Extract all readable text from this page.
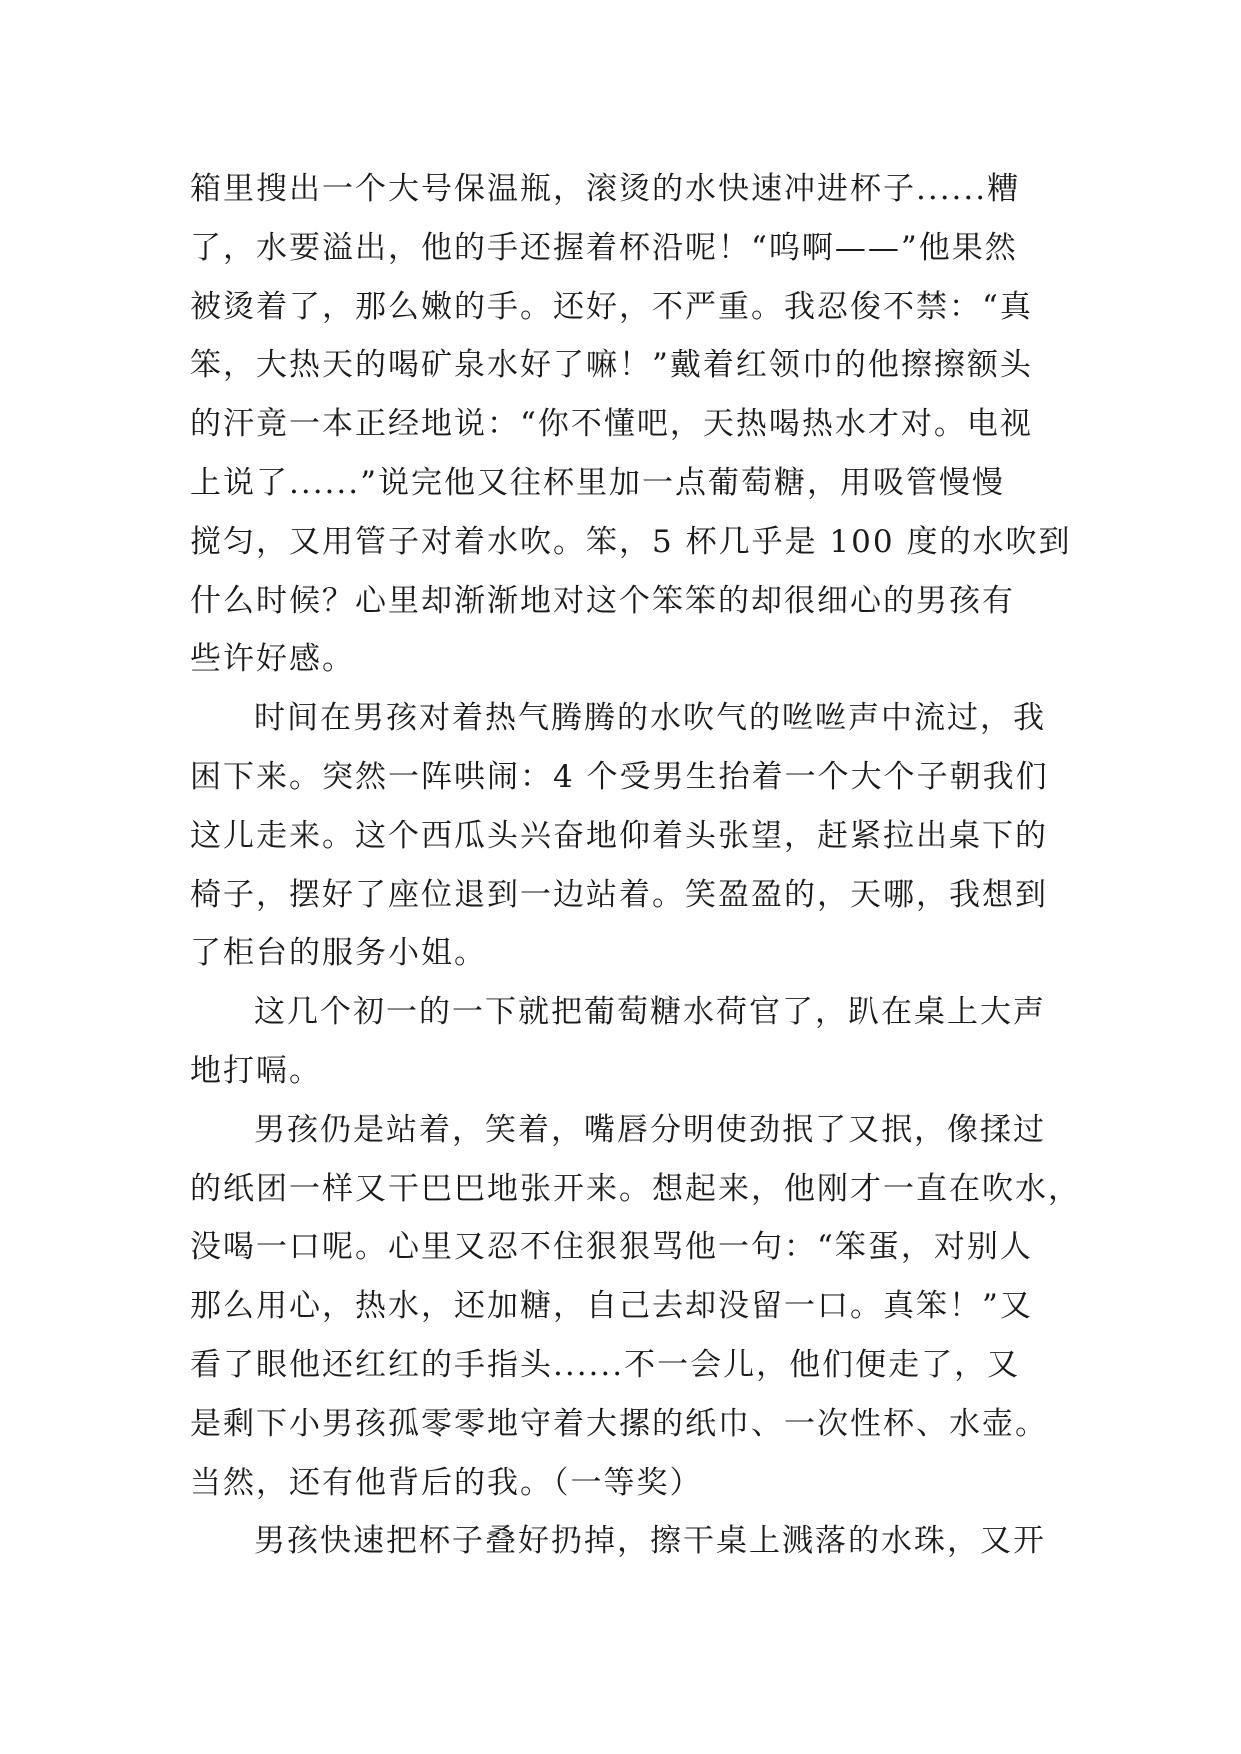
箱里搜出一个大号保温瓶，滚烫的水快速冲进杯子......糟
了，水要溢出，他的手还握着杯沿呢！“呜啊——”他果然
被烫着了，那么嫩的手。还好，不严重。我忍俊不禁：“真
笨，大热天的喝矿泉水好了嘛！”戴着红领巾的他擦擦额头
的汗竟一本正经地说：“你不懂吧，天热喝热水才对。电视
上说了......”说完他又往杯里加一点葡萄糖，用吸管慢慢
搅匀，又用管子对着水吹。笨，5 杯几乎是 100 度的水吹到
什么时候？心里却渐渐地对这个笨笨的却很细心的男孩有
些许好感。
时间在男孩对着热气腾腾的水吹气的咝咝声中流过，我
困下来。突然一阵哄闹：4 个受男生抬着一个大个子朝我们
这儿走来。这个西瓜头兴奋地仰着头张望，赶紧拉出桌下的
椅子，摆好了座位退到一边站着。笑盈盈的，天哪，我想到
了柜台的服务小姐。
这几个初一的一下就把葡萄糖水荷官了，趴在桌上大声
地打嗝。
男孩仍是站着，笑着，嘴唇分明使劲抿了又抿，像揉过
的纸团一样又干巴巴地张开来。想起来，他刚才一直在吹水，
没喝一口呢。心里又忍不住狠狠骂他一句：“笨蛋，对别人
那么用心，热水，还加糖，自己去却没留一口。真笨！”又
看了眼他还红红的手指头......不一会儿，他们便走了，又
是剩下小男孩孤零零地守着大摞的纸巾、一次性杯、水壶。
当然，还有他背后的我。（一等奖）
男孩快速把杯子叠好扔掉，擦干桌上溅落的水珠，又开
